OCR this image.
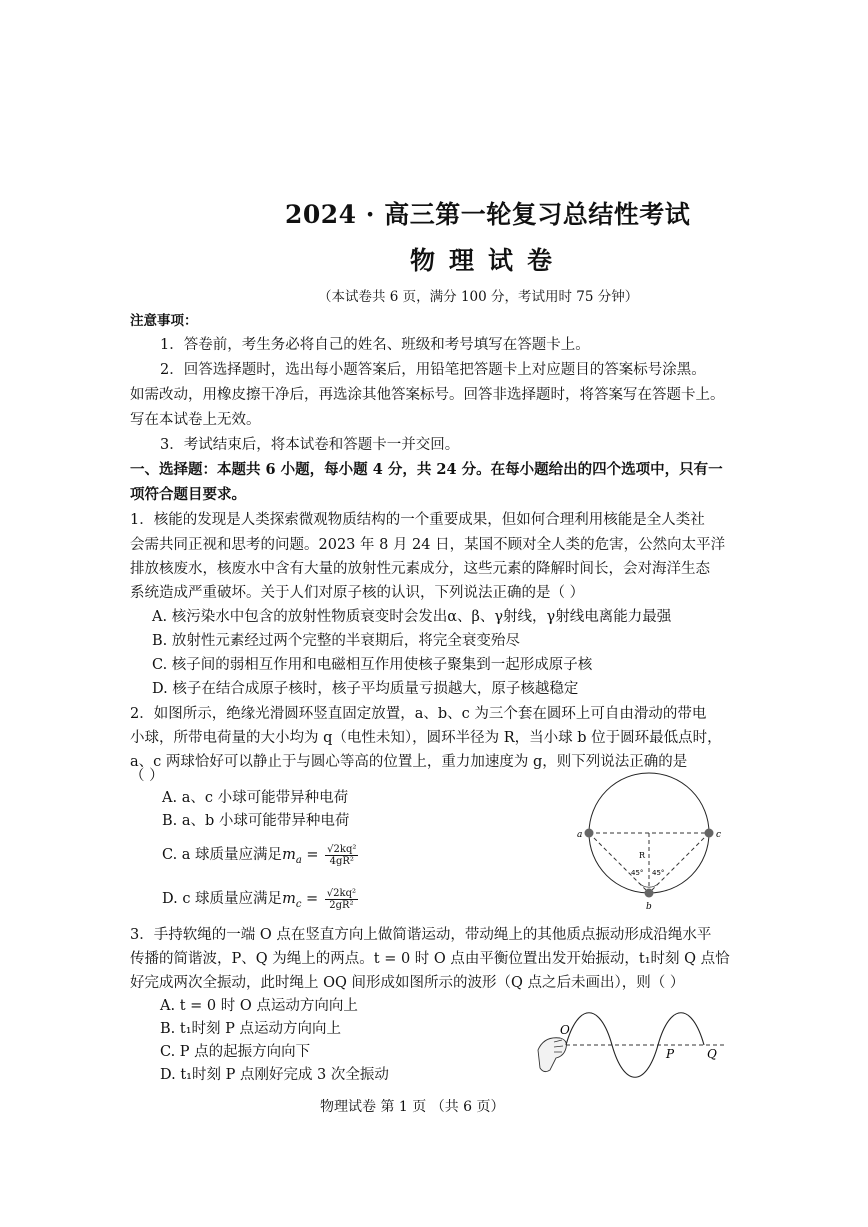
2024 · 高三第一轮复习总结性考试
物理试卷
（本试卷共 6 页，满分 100 分，考试用时 75 分钟）
注意事项：
1．答卷前，考生务必将自己的姓名、班级和考号填写在答题卡上。
2．回答选择题时，选出每小题答案后，用铅笔把答题卡上对应题目的答案标号涂黑。
如需改动，用橡皮擦干净后，再选涂其他答案标号。回答非选择题时，将答案写在答题卡上。
写在本试卷上无效。
3．考试结束后，将本试卷和答题卡一并交回。
一、选择题：本题共 6 小题，每小题 4 分，共 24 分。在每小题给出的四个选项中，只有一
项符合题目要求。
1．核能的发现是人类探索微观物质结构的一个重要成果，但如何合理利用核能是全人类社
会需共同正视和思考的问题。2023 年 8 月 24 日，某国不顾对全人类的危害，公然向太平洋
排放核废水，核废水中含有大量的放射性元素成分，这些元素的降解时间长，会对海洋生态
系统造成严重破坏。关于人们对原子核的认识，下列说法正确的是（ ）
A. 核污染水中包含的放射性物质衰变时会发出α、β、γ射线，γ射线电离能力最强
B. 放射性元素经过两个完整的半衰期后，将完全衰变殆尽
C. 核子间的弱相互作用和电磁相互作用使核子聚集到一起形成原子核
D. 核子在结合成原子核时，核子平均质量亏损越大，原子核越稳定
2．如图所示，绝缘光滑圆环竖直固定放置，a、b、c 为三个套在圆环上可自由滑动的带电
小球，所带电荷量的大小均为 q（电性未知），圆环半径为 R，当小球 b 位于圆环最低点时，
a、c 两球恰好可以静止于与圆心等高的位置上，重力加速度为 g，则下列说法正确的是
（ ）
A. a、c 小球可能带异种电荷
B. a、b 小球可能带异种电荷
C. a 球质量应满足$m_a = \frac{\text{√2kq²}}{\text{4gR²}}$
D. c 球质量应满足$m_c = \frac{\text{√2kq²}}{\text{2gR²}}$
a	c
b
R
45° 45°
3．手持软绳的一端 O 点在竖直方向上做简谐运动，带动绳上的其他质点振动形成沿绳水平
传播的简谐波，P、Q 为绳上的两点。t = 0 时 O 点由平衡位置出发开始振动，t₁时刻 Q 点恰
好完成两次全振动，此时绳上 OQ 间形成如图所示的波形（Q 点之后未画出），则（ ）
A. t = 0 时 O 点运动方向向上
B. t₁时刻 P 点运动方向向上
C. P 点的起振方向向下
D. t₁时刻 P 点刚好完成 3 次全振动
O
P	Q
物理试卷 第 1 页 （共 6 页）
